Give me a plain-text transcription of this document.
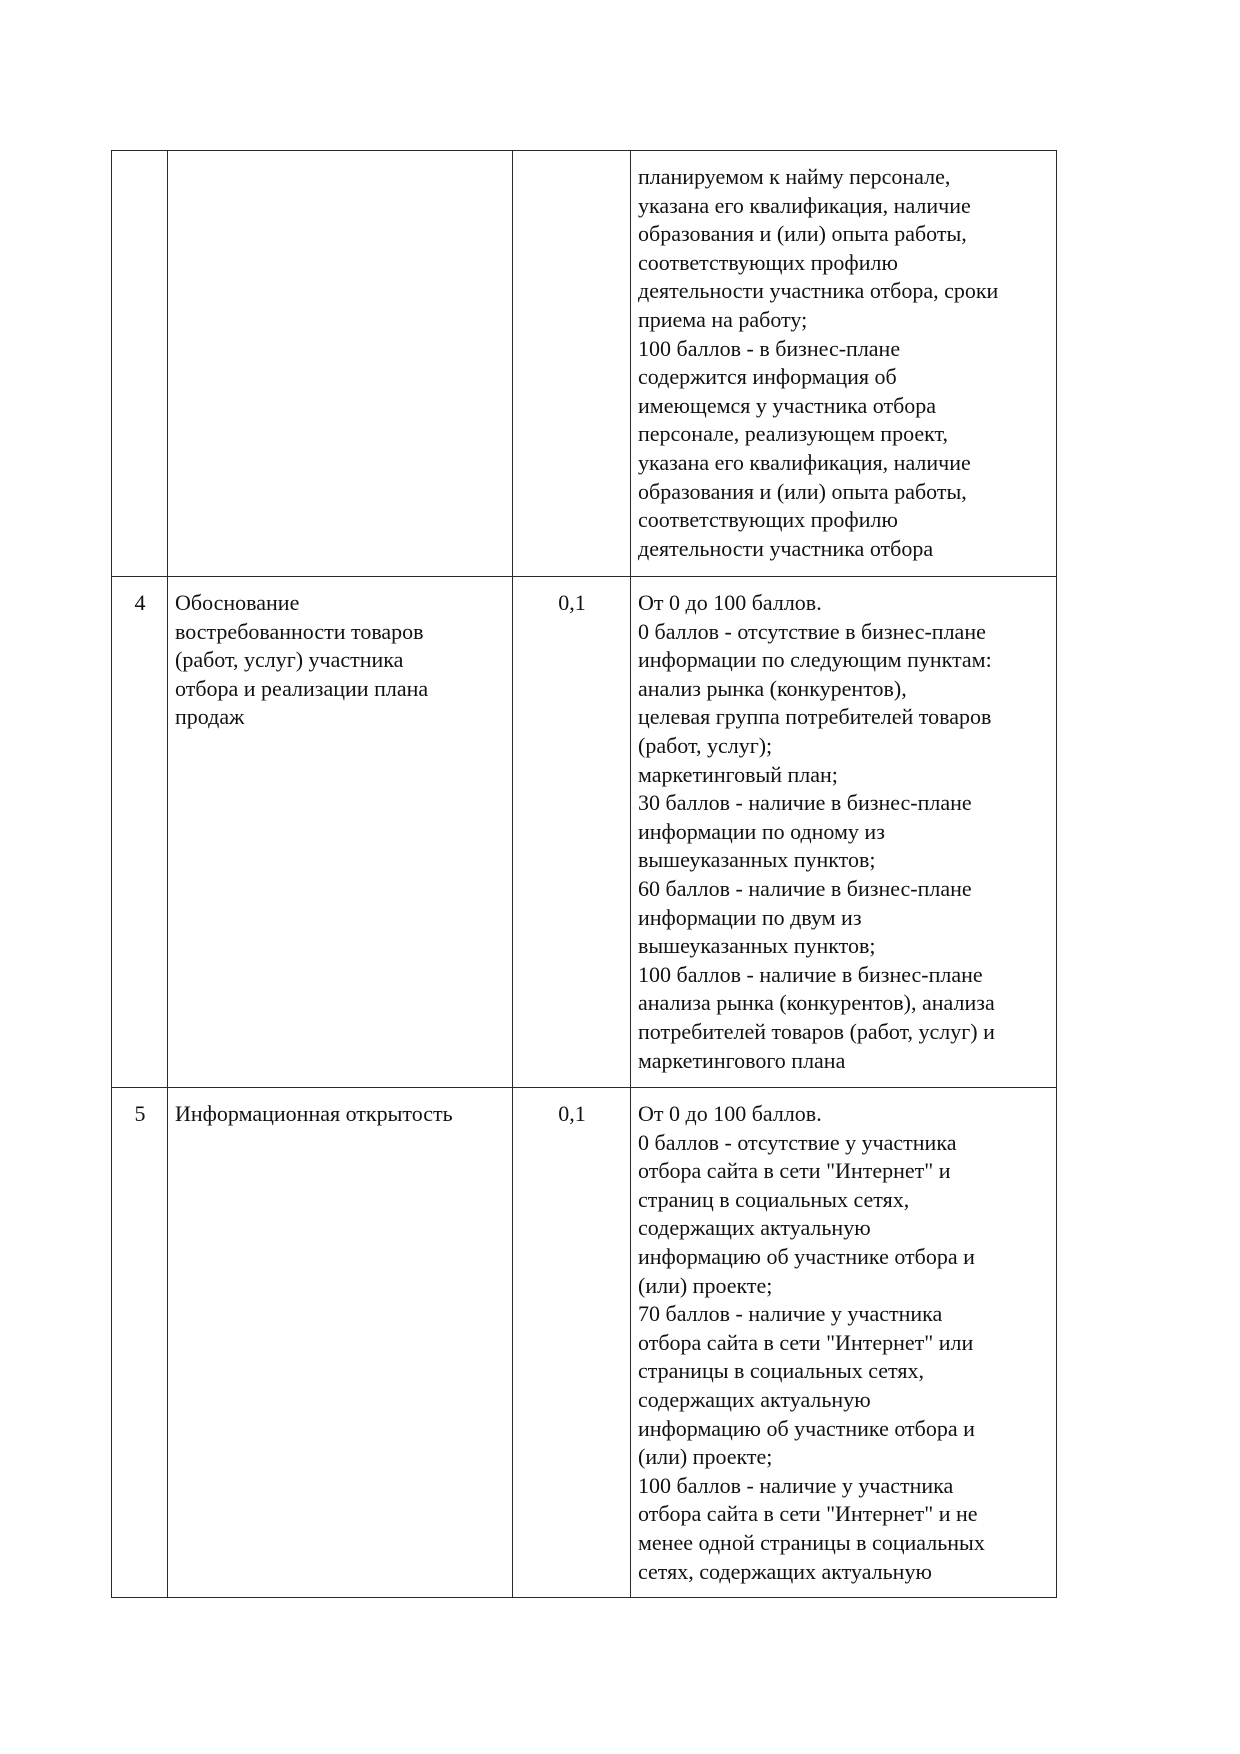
планируемом к найму персонале,
указана его квалификация, наличие
образования и (или) опыта работы,
соответствующих профилю
деятельности участника отбора, сроки
приема на работу;
100 баллов - в бизнес-плане
содержится информация об
имеющемся у участника отбора
персонале, реализующем проект,
указана его квалификация, наличие
образования и (или) опыта работы,
соответствующих профилю
деятельности участника отбора

4	Обоснование
востребованности товаров
(работ, услуг) участника
отбора и реализации плана
продаж
	0,1	От 0 до 100 баллов.
0 баллов - отсутствие в бизнес-плане
информации по следующим пунктам:
анализ рынка (конкурентов),
целевая группа потребителей товаров
(работ, услуг);
маркетинговый план;
30 баллов - наличие в бизнес-плане
информации по одному из
вышеуказанных пунктов;
60 баллов - наличие в бизнес-плане
информации по двум из
вышеуказанных пунктов;
100 баллов - наличие в бизнес-плане
анализа рынка (конкурентов), анализа
потребителей товаров (работ, услуг) и
маркетингового плана

5	Информационная открытость	0,1	От 0 до 100 баллов.
0 баллов - отсутствие у участника
отбора сайта в сети "Интернет" и
страниц в социальных сетях,
содержащих актуальную
информацию об участнике отбора и
(или) проекте;
70 баллов - наличие у участника
отбора сайта в сети "Интернет" или
страницы в социальных сетях,
содержащих актуальную
информацию об участнике отбора и
(или) проекте;
100 баллов - наличие у участника
отбора сайта в сети "Интернет" и не
менее одной страницы в социальных
сетях, содержащих актуальную
